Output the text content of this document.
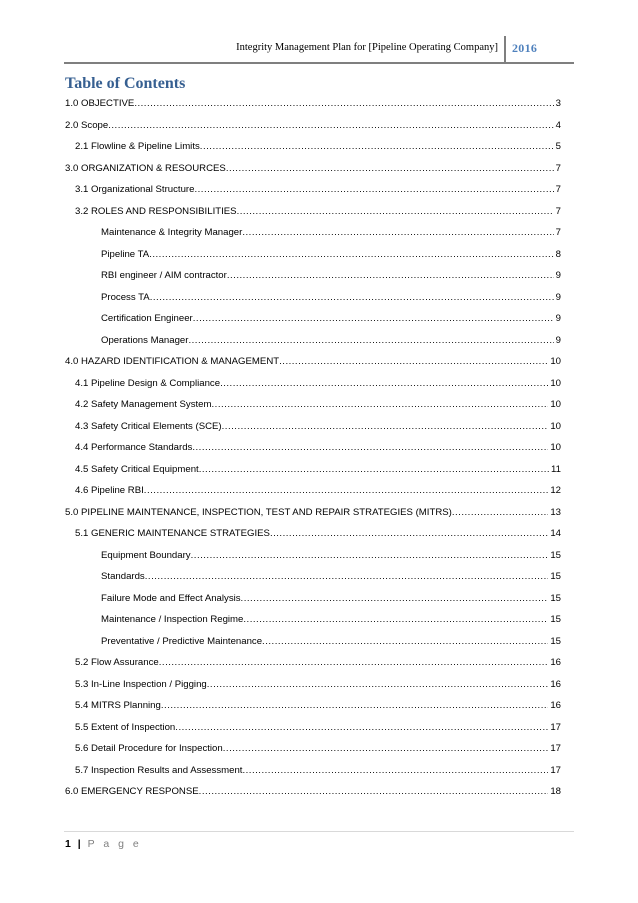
Integrity Management Plan for [Pipeline Operating Company] 2016
Table of Contents
1.0 OBJECTIVE .....	3
2.0 Scope .....	4
2.1 Flowline & Pipeline Limits .....	5
3.0 ORGANIZATION & RESOURCES .....	7
3.1 Organizational Structure .....	7
3.2 ROLES AND RESPONSIBILITIES .....	7
Maintenance & Integrity Manager .....	7
Pipeline TA .....	8
RBI engineer / AIM contractor .....	9
Process TA .....	9
Certification Engineer .....	9
Operations Manager .....	9
4.0 HAZARD IDENTIFICATION & MANAGEMENT .....	10
4.1 Pipeline Design & Compliance .....	10
4.2 Safety Management System .....	10
4.3 Safety Critical Elements (SCE) .....	10
4.4 Performance Standards .....	10
4.5 Safety Critical Equipment .....	11
4.6 Pipeline RBI .....	12
5.0 PIPELINE MAINTENANCE, INSPECTION, TEST AND REPAIR STRATEGIES (MITRS) .....	13
5.1 GENERIC MAINTENANCE STRATEGIES .....	14
Equipment Boundary .....	15
Standards .....	15
Failure Mode and Effect Analysis .....	15
Maintenance / Inspection Regime .....	15
Preventative / Predictive Maintenance .....	15
5.2 Flow Assurance .....	16
5.3 In-Line Inspection / Pigging .....	16
5.4 MITRS Planning .....	16
5.5 Extent of Inspection .....	17
5.6 Detail Procedure for Inspection .....	17
5.7 Inspection Results and Assessment .....	17
6.0 EMERGENCY RESPONSE .....	18
1 | P a g e
